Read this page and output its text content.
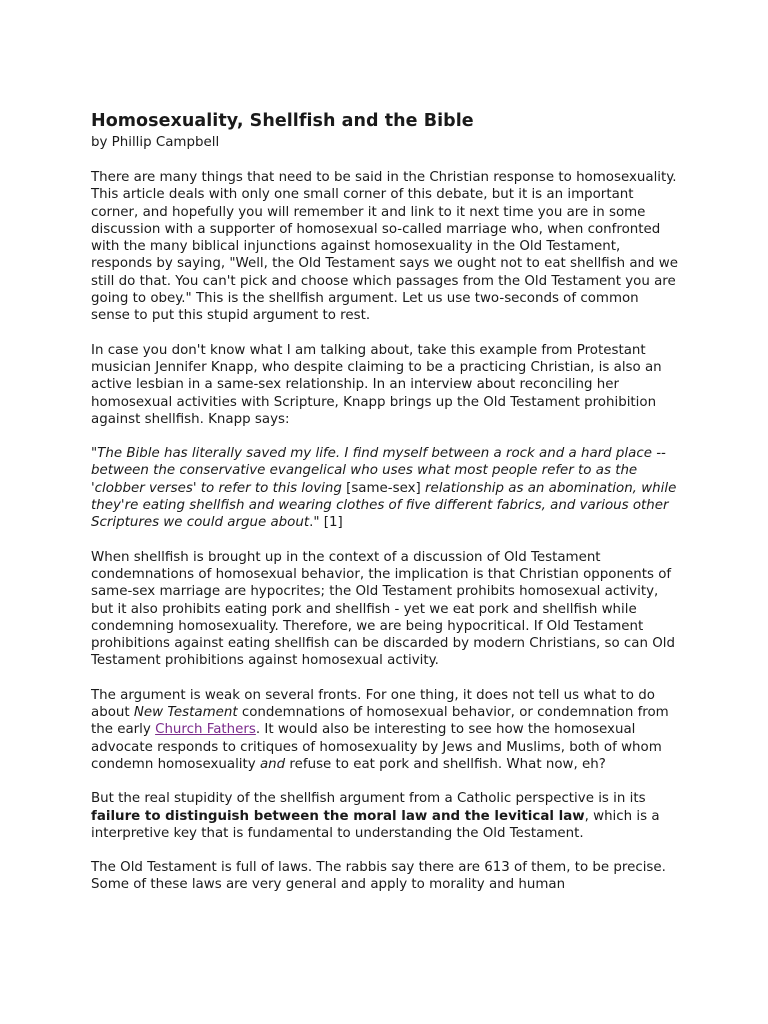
Homosexuality, Shellfish and the Bible
by Phillip Campbell

There are many things that need to be said in the Christian response to homosexuality. This article deals with only one small corner of this debate, but it is an important corner, and hopefully you will remember it and link to it next time you are in some discussion with a supporter of homosexual so-called marriage who, when confronted with the many biblical injunctions against homosexuality in the Old Testament, responds by saying, "Well, the Old Testament says we ought not to eat shellfish and we still do that. You can't pick and choose which passages from the Old Testament you are going to obey." This is the shellfish argument. Let us use two-seconds of common sense to put this stupid argument to rest.

In case you don't know what I am talking about, take this example from Protestant musician Jennifer Knapp, who despite claiming to be a practicing Christian, is also an active lesbian in a same-sex relationship. In an interview about reconciling her homosexual activities with Scripture, Knapp brings up the Old Testament prohibition against shellfish. Knapp says:

"The Bible has literally saved my life. I find myself between a rock and a hard place -- between the conservative evangelical who uses what most people refer to as the 'clobber verses' to refer to this loving [same-sex] relationship as an abomination, while they're eating shellfish and wearing clothes of five different fabrics, and various other Scriptures we could argue about." [1]

When shellfish is brought up in the context of a discussion of Old Testament condemnations of homosexual behavior, the implication is that Christian opponents of same-sex marriage are hypocrites; the Old Testament prohibits homosexual activity, but it also prohibits eating pork and shellfish - yet we eat pork and shellfish while condemning homosexuality. Therefore, we are being hypocritical. If Old Testament prohibitions against eating shellfish can be discarded by modern Christians, so can Old Testament prohibitions against homosexual activity.

The argument is weak on several fronts. For one thing, it does not tell us what to do about New Testament condemnations of homosexual behavior, or condemnation from the early Church Fathers. It would also be interesting to see how the homosexual advocate responds to critiques of homosexuality by Jews and Muslims, both of whom condemn homosexuality and refuse to eat pork and shellfish. What now, eh?

But the real stupidity of the shellfish argument from a Catholic perspective is in its failure to distinguish between the moral law and the levitical law, which is a interpretive key that is fundamental to understanding the Old Testament.

The Old Testament is full of laws. The rabbis say there are 613 of them, to be precise. Some of these laws are very general and apply to morality and human
